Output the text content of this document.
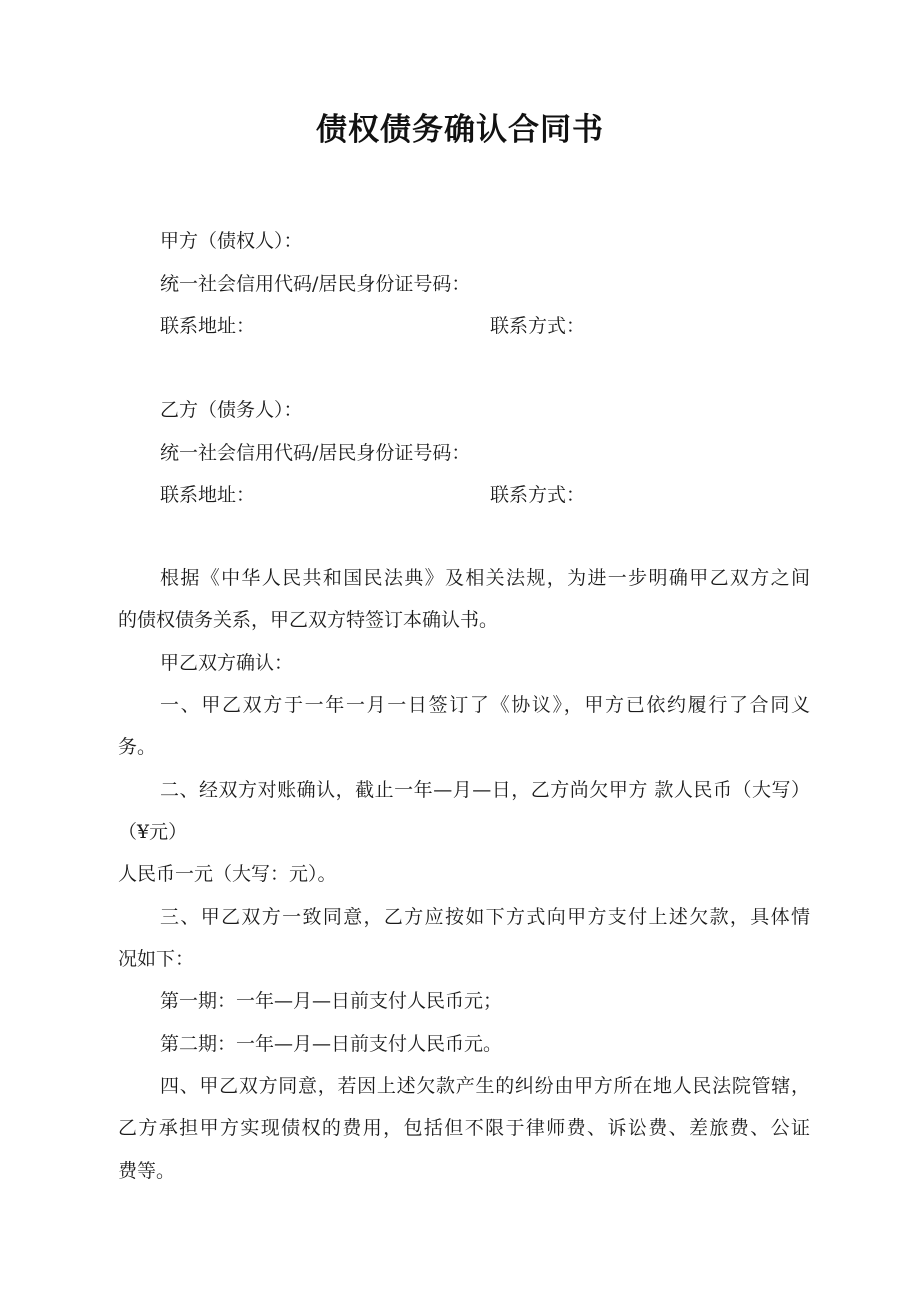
债权债务确认合同书
甲方（债权人）：
统一社会信用代码/居民身份证号码：
联系地址：	联系方式：
乙方（债务人）：
统一社会信用代码/居民身份证号码：
联系地址：	联系方式：
根据《中华人民共和国民法典》及相关法规，为进一步明确甲乙双方之间
的债权债务关系，甲乙双方特签订本确认书。
甲乙双方确认：
一、甲乙双方于一年一月一日签订了《协议》，甲方已依约履行了合同义
务。
二、经双方对账确认，截止一年—月—日，乙方尚欠甲方 款人民币（大写）
（¥元）
人民币一元（大写：元）。
三、甲乙双方一致同意，乙方应按如下方式向甲方支付上述欠款，具体情
况如下：
第一期：一年—月—日前支付人民币元；
第二期：一年—月—日前支付人民币元。
四、甲乙双方同意，若因上述欠款产生的纠纷由甲方所在地人民法院管辖，
乙方承担甲方实现债权的费用，包括但不限于律师费、诉讼费、差旅费、公证
费等。
